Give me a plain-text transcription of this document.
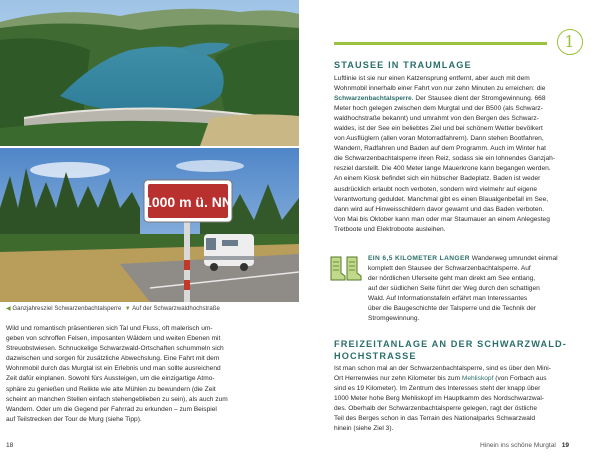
1000 m ü. NN
◀ Ganzjahresziel Schwarzenbachtalsperre ▼ Auf der Schwarzwaldhochstraße
Wild und romantisch präsentieren sich Tal und Fluss, oft malerisch um-
geben von schroffen Felsen, imposanten Wäldern und weiten Ebenen mit
Streuobstwiesen. Schnuckelige Schwarzwald-Ortschaften schummeln sich
dazwischen und sorgen für zusätzliche Abwechslung. Eine Fahrt mit dem
Wohnmobil durch das Murgtal ist ein Erlebnis und man sollte ausreichend
Zeit dafür einplanen. Sowohl fürs Aussteigen, um die einzigartige Atmo-
sphäre zu genießen und Relikte wie alte Mühlen zu bewundern (die Zeit
scheint an manchen Stellen einfach stehengeblieben zu sein), als auch zum
Wandern. Oder um die Gegend per Fahrrad zu erkunden – zum Beispiel
auf Teilstrecken der Tour de Murg (siehe Tipp).
18
1
STAUSEE IN TRAUMLAGE
Luftlinie ist sie nur einen Katzensprung entfernt, aber auch mit dem
Wohnmobil innerhalb einer Fahrt von nur zehn Minuten zu erreichen: die
Schwarzenbachtalsperre. Der Stausee dient der Stromgewinnung. 668
Meter hoch gelegen zwischen dem Murgtal und der B500 (als Schwarz-
waldhochstraße bekannt) und umrahmt von den Bergen des Schwarz-
waldes, ist der See ein beliebtes Ziel und bei schönem Wetter bevölkert
von Ausflüglern (allen voran Motorradfahrern). Dann stehen Bootfahren,
Wandern, Radfahren und Baden auf dem Programm. Auch im Winter hat
die Schwarzenbachtalsperre ihren Reiz, sodass sie ein lohnendes Ganzjah-
resziel darstellt. Die 400 Meter lange Mauerkrone kann begangen werden.
An einem Kiosk befindet sich ein hübscher Badeplatz. Baden ist weder
ausdrücklich erlaubt noch verboten, sondern wird vielmehr auf eigene
Verantwortung geduldet. Manchmal gibt es einen Blaualgenbefall im See,
dann wird auf Hinweisschildern davor gewarnt und das Baden verboten.
Von Mai bis Oktober kann man oder mar Staumauer an einem Anlegesteg
Tretboote und Elektroboote ausleihen.
EIN 6,5 KILOMETER LANGER Wanderweg umrundet einmal
komplett den Stausee der Schwarzenbachtalsperre. Auf
der nördlichen Uferseite geht man direkt am See entlang,
auf der südlichen Seite führt der Weg durch den schattigen
Wald. Auf Informationstafeln erfährt man Interessantes
über die Baugeschichte der Talsperre und die Technik der
Stromgewinnung.
FREIZEITANLAGE AN DER SCHWARZWALD-
HOCHSTRASSE
Ist man schon mal an der Schwarzenbachtalsperre, sind es über den Mini-
Ort Herrenwies nur zehn Kilometer bis zum Mehliskopf (von Forbach aus
sind es 19 Kilometer). Im Zentrum des Interesses steht der knapp über
1000 Meter hohe Berg Mehliskopf im Hauptkamm des Nordschwarzwal-
des. Oberhalb der Schwarzenbachtalsperre gelegen, ragt der östliche
Teil des Berges schon in das Terrain des Nationalparks Schwarzwald
hinein (siehe Ziel 3).
Hinein ins schöne Murgtal 19
